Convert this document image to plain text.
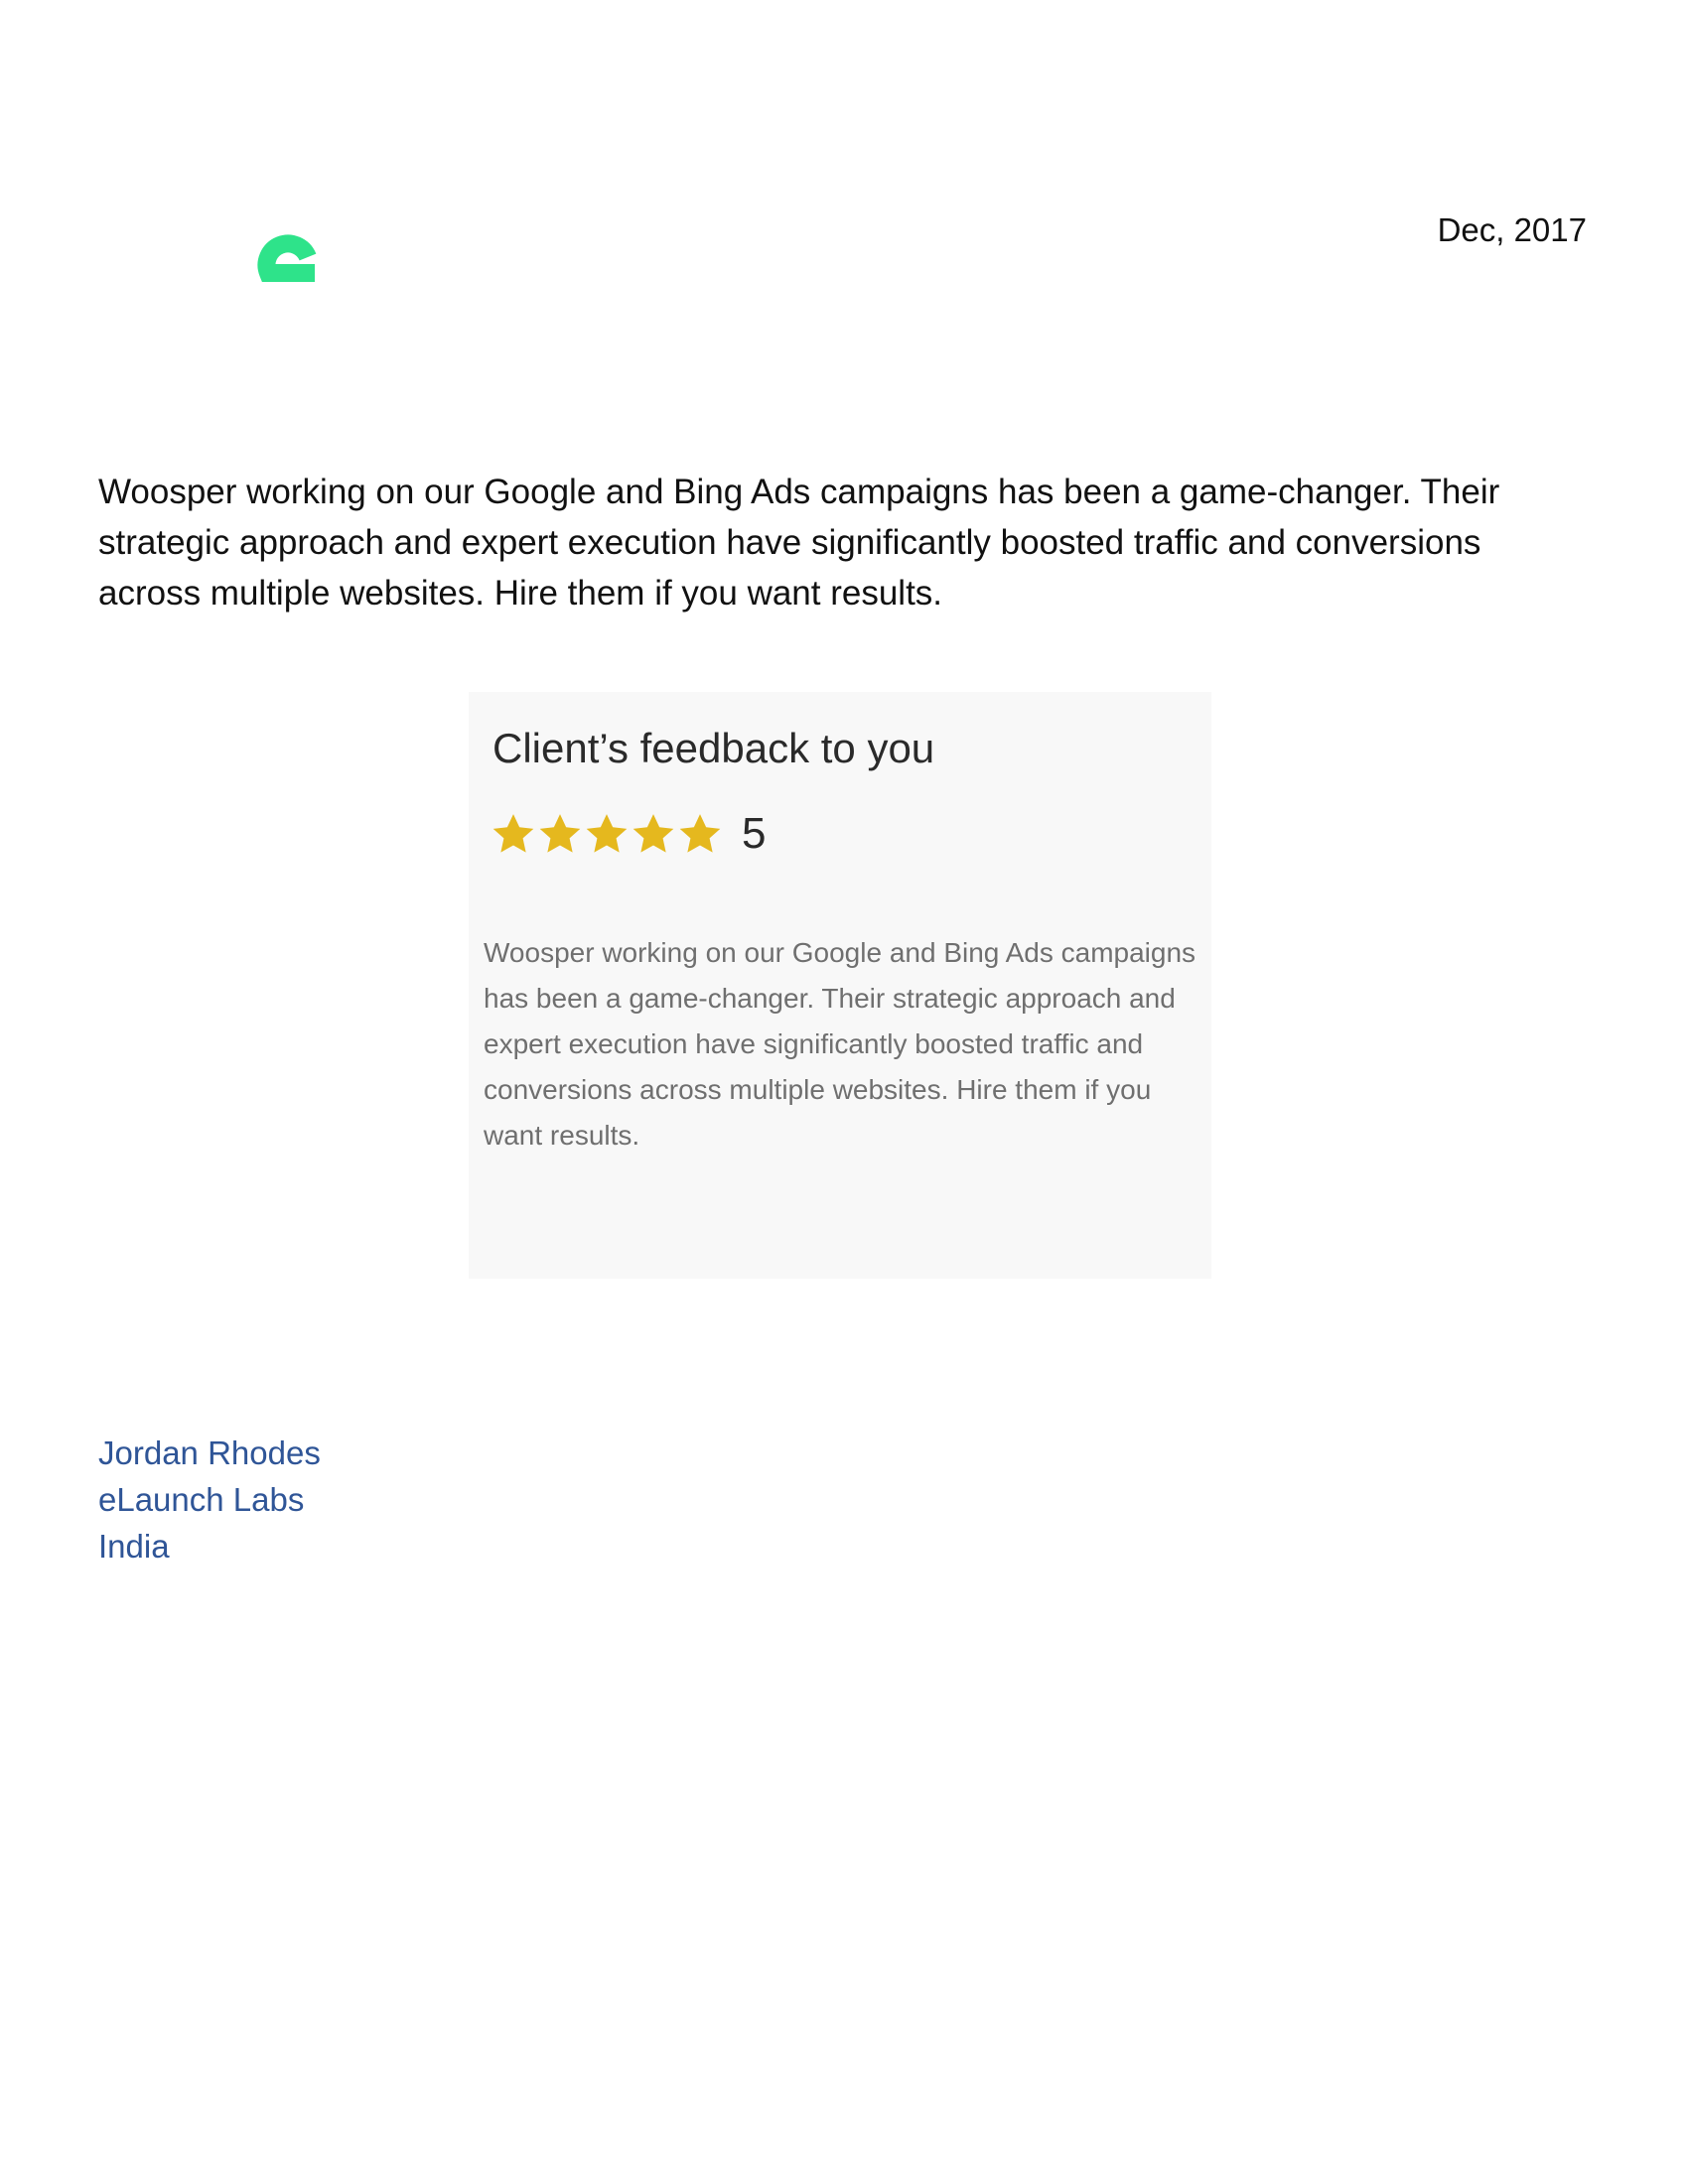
Dec, 2017

Woosper working on our Google and Bing Ads campaigns has been a game-changer. Their strategic approach and expert execution have significantly boosted traffic and conversions across multiple websites. Hire them if you want results.

Client’s feedback to you
5
Woosper working on our Google and Bing Ads campaigns has been a game-changer. Their strategic approach and expert execution have significantly boosted traffic and conversions across multiple websites. Hire them if you want results.
Jordan Rhodes
eLaunch Labs
India
